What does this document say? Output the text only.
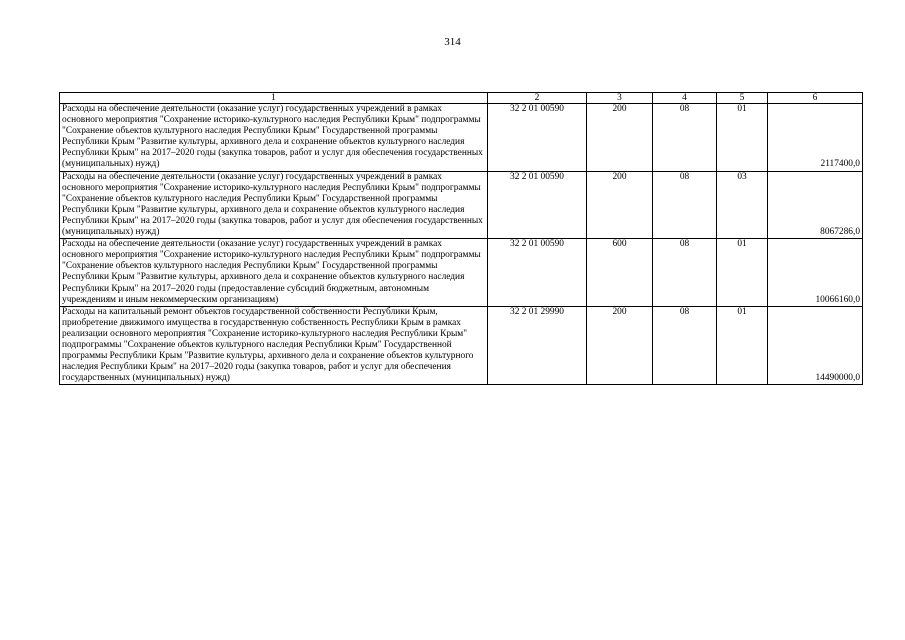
314
1	2	3	4	5	6
Расходы на обеспечение деятельности (оказание услуг) государственных учреждений в рамках основного мероприятия "Сохранение историко-культурного наследия Республики Крым" подпрограммы "Сохранение объектов культурного наследия Республики Крым" Государственной программы Республики Крым "Развитие культуры, архивного дела и сохранение объектов культурного наследия Республики Крым" на 2017–2020 годы (закупка товаров, работ и услуг для обеспечения государственных (муниципальных) нужд)	32 2 01 00590	200	08	01	2117400,0
Расходы на обеспечение деятельности (оказание услуг) государственных учреждений в рамках основного мероприятия "Сохранение историко-культурного наследия Республики Крым" подпрограммы "Сохранение объектов культурного наследия Республики Крым" Государственной программы Республики Крым "Развитие культуры, архивного дела и сохранение объектов культурного наследия Республики Крым" на 2017–2020 годы (закупка товаров, работ и услуг для обеспечения государственных (муниципальных) нужд)	32 2 01 00590	200	08	03	8067286,0
Расходы на обеспечение деятельности (оказание услуг) государственных учреждений в рамках основного мероприятия "Сохранение историко-культурного наследия Республики Крым" подпрограммы "Сохранение объектов культурного наследия Республики Крым" Государственной программы Республики Крым "Развитие культуры, архивного дела и сохранение объектов культурного наследия Республики Крым" на 2017–2020 годы (предоставление субсидий бюджетным, автономным учреждениям и иным некоммерческим организациям)	32 2 01 00590	600	08	01	10066160,0
Расходы на капитальный ремонт объектов государственной собственности Республики Крым, приобретение движимого имущества в государственную собственность Республики Крым в рамках реализации основного мероприятия "Сохранение историко-культурного наследия Республики Крым" подпрограммы "Сохранение объектов культурного наследия Республики Крым" Государственной программы Республики Крым "Развитие культуры, архивного дела и сохранение объектов культурного наследия Республики Крым" на 2017–2020 годы (закупка товаров, работ и услуг для обеспечения государственных (муниципальных) нужд)	32 2 01 29990	200	08	01	14490000,0
